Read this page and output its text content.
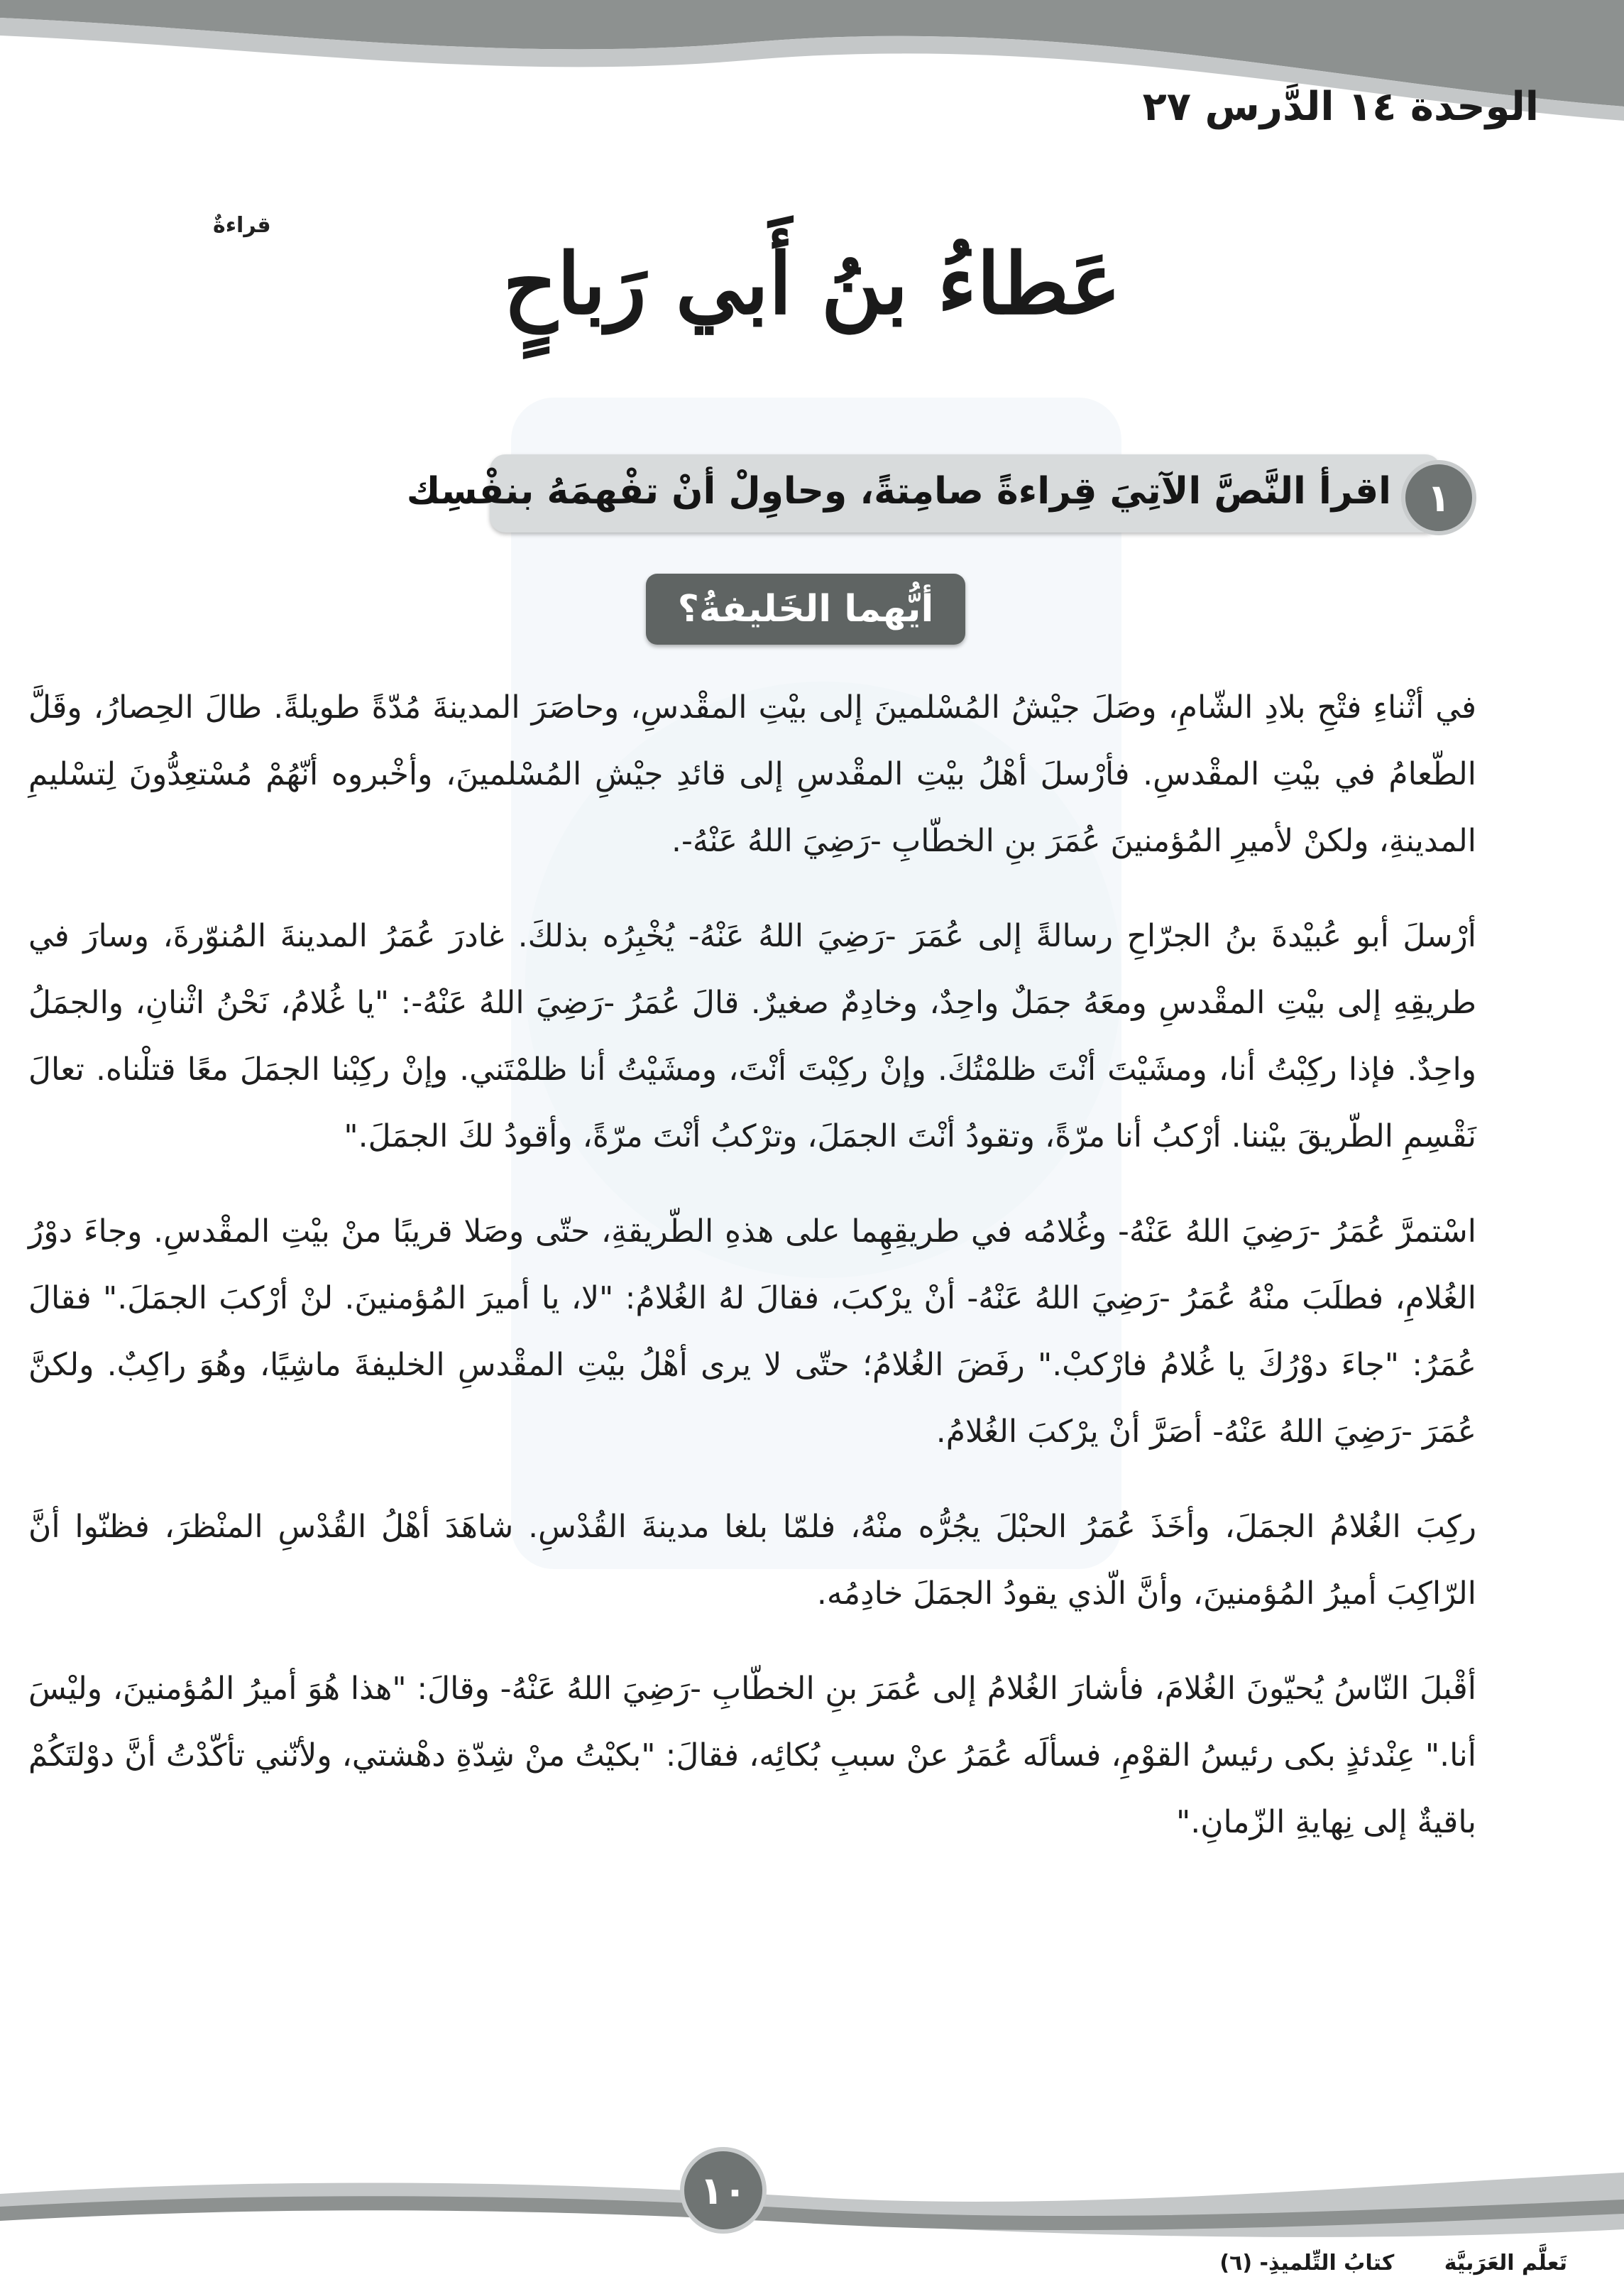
الوحدة ١٤ الدَّرس ٢٧
قراءةٌ
عَطاءُ بنُ أَبي رَباحٍ
١
اقرأ النَّصَّ الآتِيَ قِراءةً صامِتةً، وحاوِلْ أنْ تفْهمَهُ بنفْسِك
أيُّهما الخَليفةُ؟

في أثْناءِ فتْحِ بلادِ الشّامِ، وصَلَ جيْشُ المُسْلمينَ إلى بيْتِ المقْدسِ، وحاصَرَ المدينةَ مُدّةً طويلةً. طالَ الحِصارُ، وقَلَّ الطّعامُ في بيْتِ المقْدسِ. فأرْسلَ أهْلُ بيْتِ المقْدسِ إلى قائدِ جيْشِ المُسْلمينَ، وأخْبروه أنّهُمْ مُسْتعِدُّونَ لِتسْليمِ المدينةِ، ولكنْ لأميرِ المُؤمنينَ عُمَرَ بنِ الخطّابِ -رَضِيَ اللهُ عَنْهُ-.

أرْسلَ أبو عُبيْدةَ بنُ الجرّاحِ رسالةً إلى عُمَرَ -رَضِيَ اللهُ عَنْهُ- يُخْبِرُه بذلكَ. غادرَ عُمَرُ المدينةَ المُنوّرةَ، وسارَ في طريقِهِ إلى بيْتِ المقْدسِ ومعَهُ جمَلٌ واحِدٌ، وخادِمٌ صغيرٌ. قالَ عُمَرُ -رَضِيَ اللهُ عَنْهُ-: "يا غُلامُ، نَحْنُ اثْنانِ، والجمَلُ واحِدٌ. فإذا ركِبْتُ أنا، ومشَيْتَ أنْتَ ظلمْتُكَ. وإنْ ركِبْتَ أنْتَ، ومشَيْتُ أنا ظلمْتَني. وإنْ ركِبْنا الجمَلَ معًا قتلْناه. تعالَ نَقْسِمِ الطّريقَ بيْننا. أرْكبُ أنا مرّةً، وتقودُ أنْتَ الجمَلَ، وترْكبُ أنْتَ مرّةً، وأقودُ لكَ الجمَلَ."

اسْتمرَّ عُمَرُ -رَضِيَ اللهُ عَنْهُ- وغُلامُه في طريقِهِما على هذهِ الطّريقةِ، حتّى وصَلا قريبًا منْ بيْتِ المقْدسِ. وجاءَ دوْرُ الغُلامِ، فطلَبَ منْهُ عُمَرُ -رَضِيَ اللهُ عَنْهُ- أنْ يرْكبَ، فقالَ لهُ الغُلامُ: "لا، يا أميرَ المُؤمنينَ. لنْ أرْكبَ الجمَلَ." فقالَ عُمَرُ: "جاءَ دوْرُكَ يا غُلامُ فارْكبْ." رفَضَ الغُلامُ؛ حتّى لا يرى أهْلُ بيْتِ المقْدسِ الخليفةَ ماشِيًا، وهُوَ راكِبٌ. ولكنَّ عُمَرَ -رَضِيَ اللهُ عَنْهُ- أصَرَّ أنْ يرْكبَ الغُلامُ.

ركِبَ الغُلامُ الجمَلَ، وأخَذَ عُمَرُ الحبْلَ يجُرُّه منْهُ، فلمّا بلغا مدينةَ القُدْسِ. شاهَدَ أهْلُ القُدْسِ المنْظرَ، فظنّوا أنَّ الرّاكِبَ أميرُ المُؤمنينَ، وأنَّ الّذي يقودُ الجمَلَ خادِمُه.

أقْبلَ النّاسُ يُحيّونَ الغُلامَ، فأشارَ الغُلامُ إلى عُمَرَ بنِ الخطّابِ -رَضِيَ اللهُ عَنْهُ- وقالَ: "هذا هُوَ أميرُ المُؤمنينَ، وليْسَ أنا." عِنْدئذٍ بكى رئيسُ القوْمِ، فسألَه عُمَرُ عنْ سببِ بُكائِه، فقالَ: "بكيْتُ منْ شِدّةِ دهْشتي، ولأنّني تأكّدْتُ أنَّ دوْلتَكُمْ باقيةٌ إلى نِهايةِ الزّمانِ."

١٠
تَعلَّم العَرَبيَّة كتابُ التِّلميذِ- (٦)
